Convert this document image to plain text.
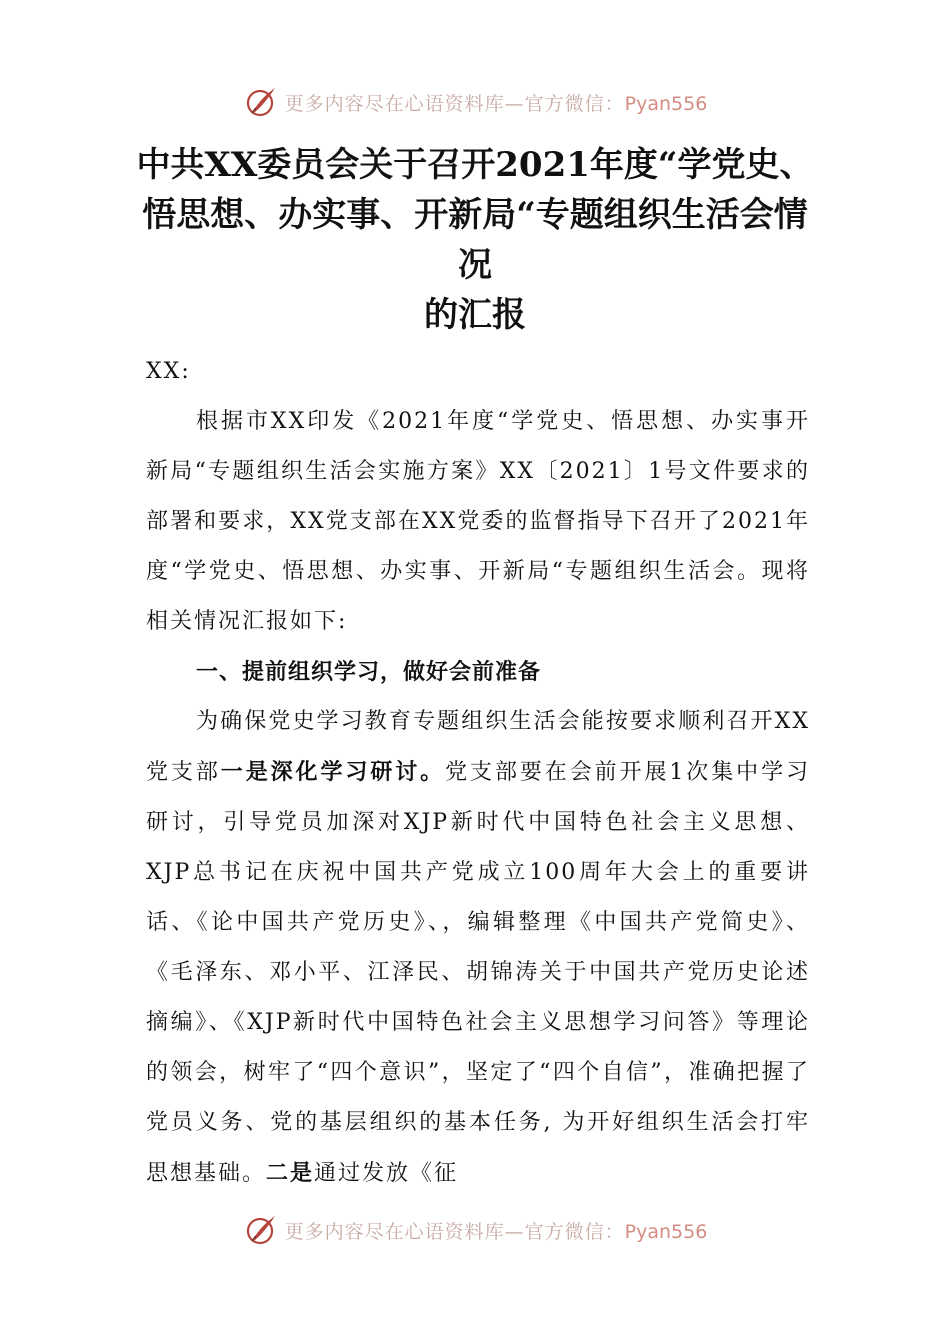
更多内容尽在心语资料库—官方微信：Pyan556
中共XX委员会关于召开2021年度“学党史、
悟思想、办实事、开新局“专题组织生活会情
况
的汇报

XX:

根据市XX印发《2021年度“学党史、悟思想、办实事开新局“专题组织生活会实施方案》XX〔2021〕1号文件要求的部署和要求，XX党支部在XX党委的监督指导下召开了2021年度“学党史、悟思想、办实事、开新局“专题组织生活会。现将相关情况汇报如下:

一、提前组织学习，做好会前准备

为确保党史学习教育专题组织生活会能按要求顺利召开XX党支部一是深化学习研讨。党支部要在会前开展1次集中学习研讨，引导党员加深对XJP新时代中国特色社会主义思想、XJP总书记在庆祝中国共产党成立100周年大会上的重要讲话、《论中国共产党历史》、，编辑整理《中国共产党简史》、《毛泽东、邓小平、江泽民、胡锦涛关于中国共产党历史论述摘编》、《XJP新时代中国特色社会主义思想学习问答》等理论的领会，树牢了“四个意识”，坚定了“四个自信”，准确把握了党员义务、党的基层组织的基本任务, 为开好组织生活会打牢思想基础。二是通过发放《征

更多内容尽在心语资料库—官方微信：Pyan556
